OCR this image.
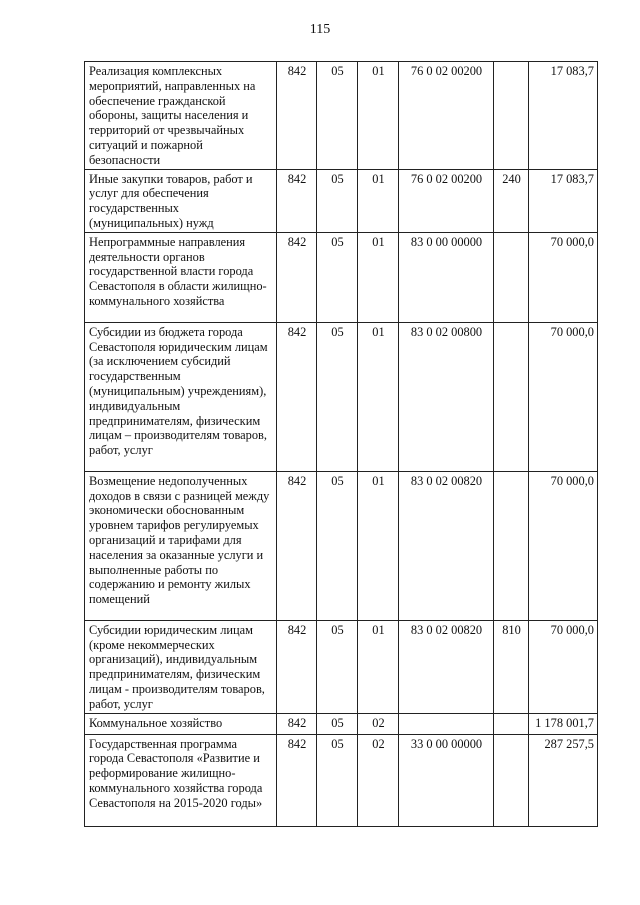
115
Реализация комплексных мероприятий, направленных на обеспечение гражданской обороны, защиты населения и территорий от чрезвычайных ситуаций и пожарной безопасности	842	05	01	76 0 02 00200		17 083,7
Иные закупки товаров, работ и услуг для обеспечения государственных (муниципальных) нужд	842	05	01	76 0 02 00200	240	17 083,7
Непрограммные направления деятельности органов государственной власти города Севастополя в области жилищно-коммунального хозяйства	842	05	01	83 0 00 00000		70 000,0
Субсидии из бюджета города Севастополя юридическим лицам (за исключением субсидий государственным (муниципальным) учреждениям), индивидуальным предпринимателям, физическим лицам – производителям товаров, работ, услуг	842	05	01	83 0 02 00800		70 000,0
Возмещение недополученных доходов в связи с разницей между экономически обоснованным уровнем тарифов регулируемых организаций и тарифами для населения за оказанные услуги и выполненные работы по содержанию и ремонту жилых помещений	842	05	01	83 0 02 00820		70 000,0
Субсидии юридическим лицам (кроме некоммерческих организаций), индивидуальным предпринимателям, физическим лицам - производителям товаров, работ, услуг	842	05	01	83 0 02 00820	810	70 000,0
Коммунальное хозяйство	842	05	02			1 178 001,7
Государственная программа города Севастополя «Развитие и реформирование жилищно-коммунального хозяйства города Севастополя на 2015-2020 годы»	842	05	02	33 0 00 00000		287 257,5
